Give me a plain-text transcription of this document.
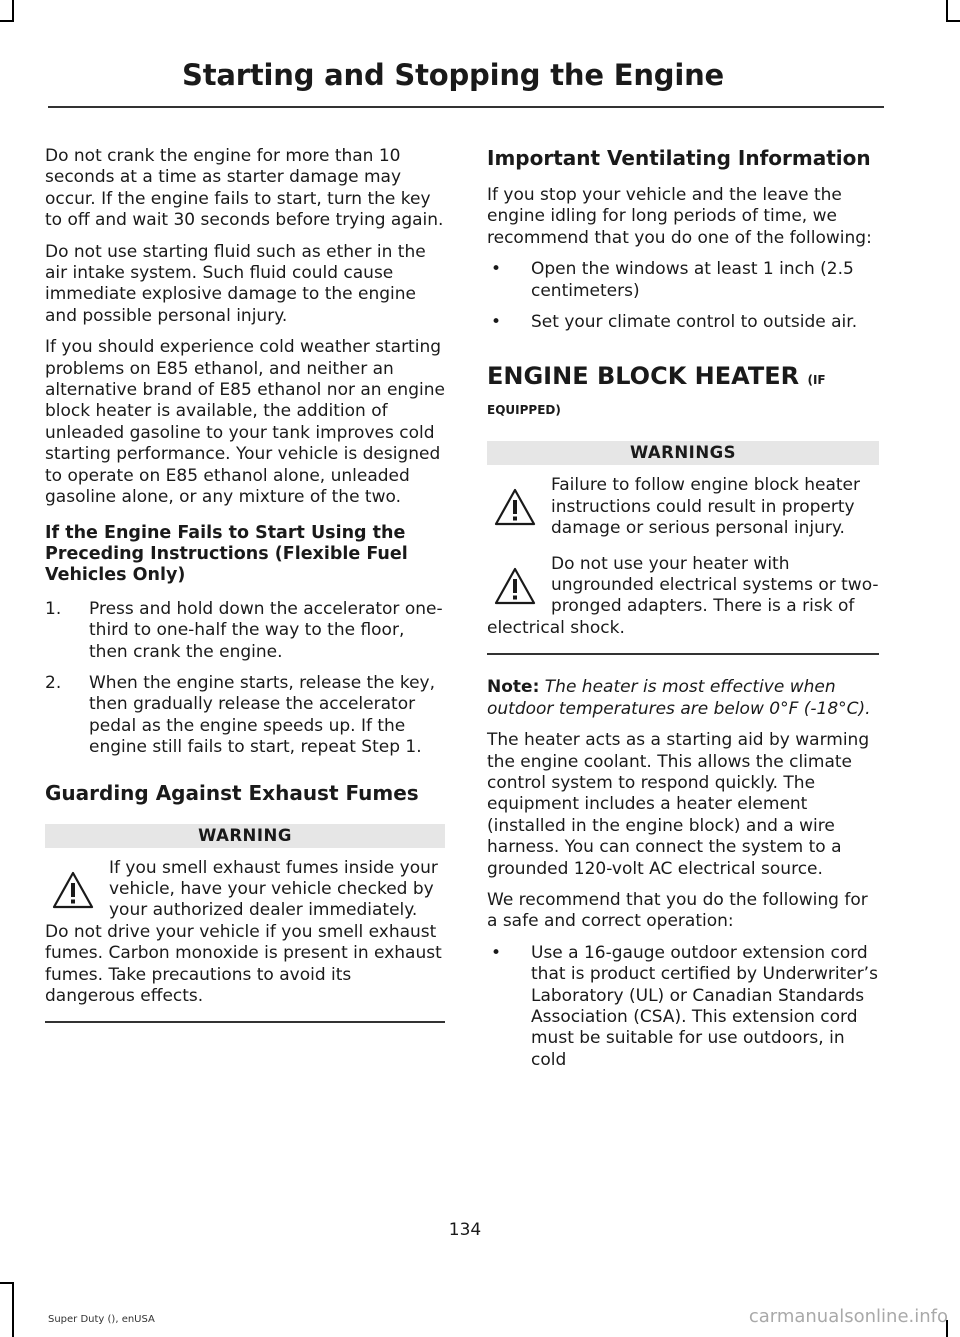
Starting and Stopping the Engine

Do not crank the engine for more than 10 seconds at a time as starter damage may occur. If the engine fails to start, turn the key to off and wait 30 seconds before trying again.

Do not use starting fluid such as ether in the air intake system. Such fluid could cause immediate explosive damage to the engine and possible personal injury.

If you should experience cold weather starting problems on E85 ethanol, and neither an alternative brand of E85 ethanol nor an engine block heater is available, the addition of unleaded gasoline to your tank improves cold starting performance. Your vehicle is designed to operate on E85 ethanol alone, unleaded gasoline alone, or any mixture of the two.

If the Engine Fails to Start Using the Preceding Instructions (Flexible Fuel Vehicles Only)
1. Press and hold down the accelerator one-third to one-half the way to the floor, then crank the engine.
2. When the engine starts, release the key, then gradually release the accelerator pedal as the engine speeds up. If the engine still fails to start, repeat Step 1.
Guarding Against Exhaust Fumes
WARNING
If you smell exhaust fumes inside your vehicle, have your vehicle checked by your authorized dealer immediately. Do not drive your vehicle if you smell exhaust fumes. Carbon monoxide is present in exhaust fumes. Take precautions to avoid its dangerous effects.
Important Ventilating Information

If you stop your vehicle and the leave the engine idling for long periods of time, we recommend that you do one of the following:

• Open the windows at least 1 inch (2.5 centimeters)
• Set your climate control to outside air.
ENGINE BLOCK HEATER (IF
EQUIPPED)
WARNINGS
Failure to follow engine block heater instructions could result in property damage or serious personal injury.
Do not use your heater with ungrounded electrical systems or two-pronged adapters. There is a risk of electrical shock.

Note: The heater is most effective when outdoor temperatures are below 0°F (-18°C).

The heater acts as a starting aid by warming the engine coolant. This allows the climate control system to respond quickly. The equipment includes a heater element (installed in the engine block) and a wire harness. You can connect the system to a grounded 120-volt AC electrical source.

We recommend that you do the following for a safe and correct operation:

• Use a 16-gauge outdoor extension cord that is product certified by Underwriter’s Laboratory (UL) or Canadian Standards Association (CSA). This extension cord must be suitable for use outdoors, in cold
134
Super Duty (), enUSA	carmanualsonline.info
